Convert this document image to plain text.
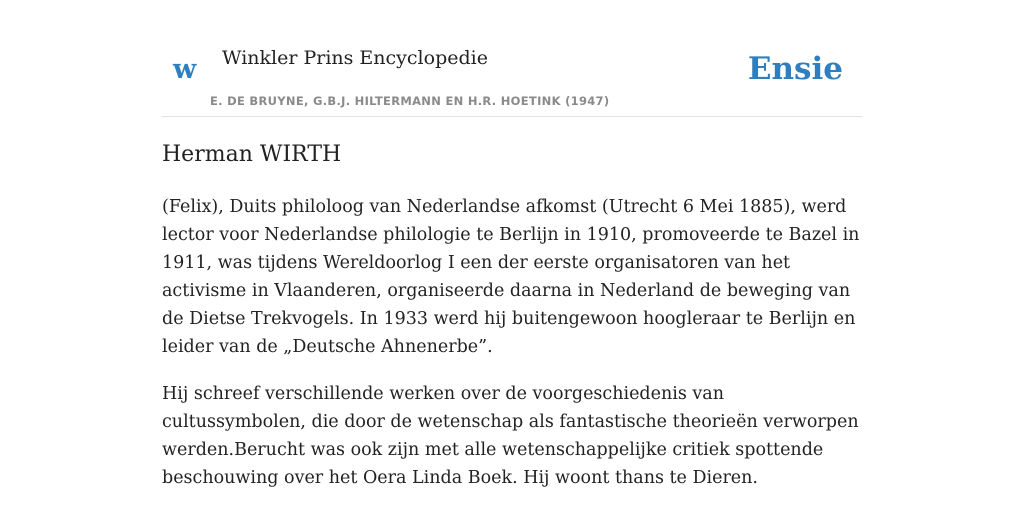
w Winkler Prins Encyclopedie
E. DE BRUYNE, G.B.J. HILTERMANN EN H.R. HOETINK (1947)
Ensie
Herman WIRTH

(Felix), Duits philoloog van Nederlandse afkomst (Utrecht 6 Mei 1885), werd lector voor Nederlandse philologie te Berlijn in 1910, promoveerde te Bazel in 1911, was tijdens Wereldoorlog I een der eerste organisatoren van het activisme in Vlaanderen, organiseerde daarna in Nederland de beweging van de Dietse Trekvogels. In 1933 werd hij buitengewoon hoogleraar te Berlijn en leider van de „Deutsche Ahnenerbe”.

Hij schreef verschillende werken over de voorgeschiedenis van cultussymbolen, die door de wetenschap als fantastische theorieën verworpen werden.Berucht was ook zijn met alle wetenschappelijke critiek spottende beschouwing over het Oera Linda Boek. Hij woont thans te Dieren.
